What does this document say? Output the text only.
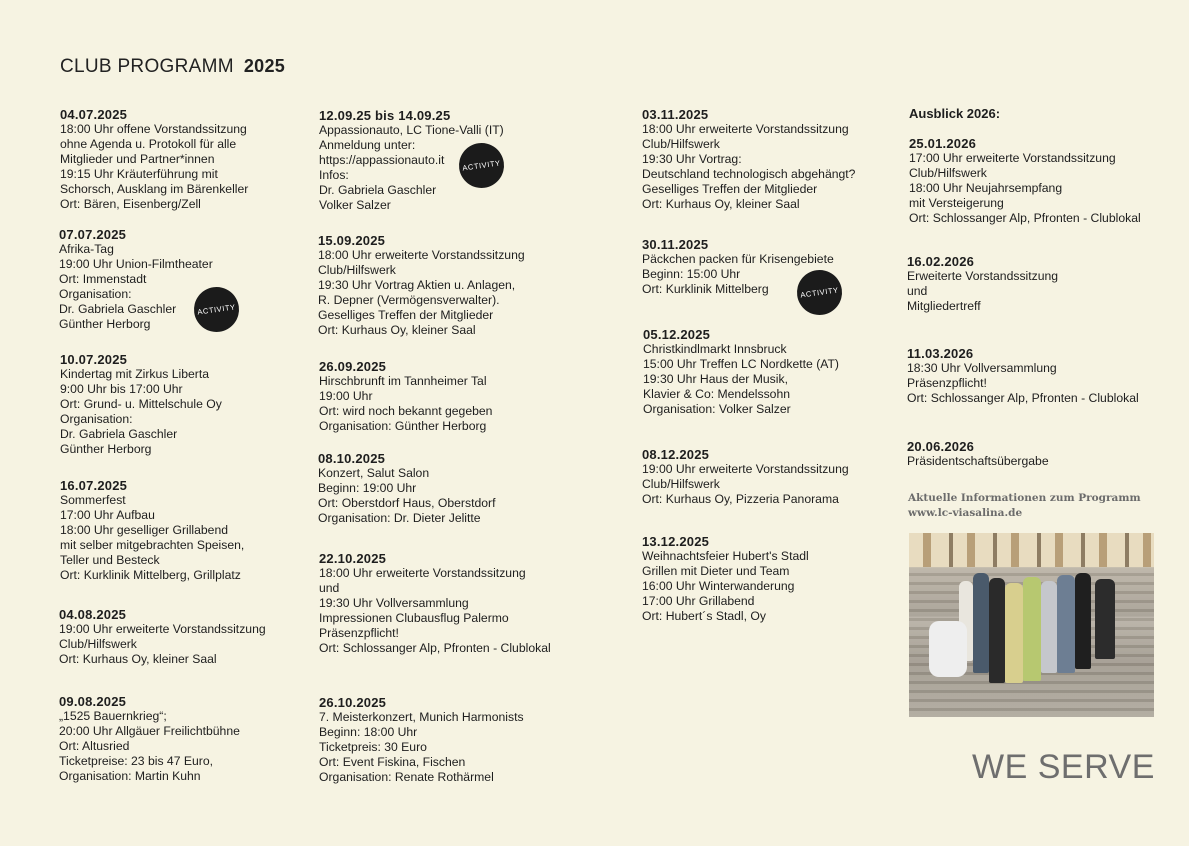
CLUB PROGRAMM 2025
Ausblick 2026:
04.07.2025
18:00 Uhr offene Vorstandssitzung
ohne Agenda u. Protokoll für alle
Mitglieder und Partner*innen
19:15 Uhr Kräuterführung mit
Schorsch, Ausklang im Bärenkeller
Ort: Bären, Eisenberg/Zell
07.07.2025
Afrika-Tag
19:00 Uhr Union-Filmtheater
Ort: Immenstadt
Organisation:
Dr. Gabriela Gaschler
Günther Herborg
10.07.2025
Kindertag mit Zirkus Liberta
9:00 Uhr bis 17:00 Uhr
Ort: Grund- u. Mittelschule Oy
Organisation:
Dr. Gabriela Gaschler
Günther Herborg
16.07.2025
Sommerfest
17:00 Uhr Aufbau
18:00 Uhr geselliger Grillabend
mit selber mitgebrachten Speisen,
Teller und Besteck
Ort: Kurklinik Mittelberg, Grillplatz
04.08.2025
19:00 Uhr erweiterte Vorstandssitzung
Club/Hilfswerk
Ort: Kurhaus Oy, kleiner Saal
09.08.2025
„1525 Bauernkrieg“;
20:00 Uhr Allgäuer Freilichtbühne
Ort: Altusried
Ticketpreise: 23 bis 47 Euro,
Organisation: Martin Kuhn
12.09.25 bis 14.09.25
Appassionauto, LC Tione-Valli (IT)
Anmeldung unter:
https://appassionauto.it
Infos:
Dr. Gabriela Gaschler
Volker Salzer
15.09.2025
18:00 Uhr erweiterte Vorstandssitzung
Club/Hilfswerk
19:30 Uhr Vortrag Aktien u. Anlagen,
R. Depner (Vermögensverwalter).
Geselliges Treffen der Mitglieder
Ort: Kurhaus Oy, kleiner Saal
26.09.2025
Hirschbrunft im Tannheimer Tal
19:00 Uhr
Ort: wird noch bekannt gegeben
Organisation: Günther Herborg
08.10.2025
Konzert, Salut Salon
Beginn: 19:00 Uhr
Ort: Oberstdorf Haus, Oberstdorf
Organisation: Dr. Dieter Jelitte
22.10.2025
18:00 Uhr erweiterte Vorstandssitzung
und
19:30 Uhr Vollversammlung
Impressionen Clubausflug Palermo
Präsenzpflicht!
Ort: Schlossanger Alp, Pfronten - Clublokal
26.10.2025
7. Meisterkonzert, Munich Harmonists
Beginn: 18:00 Uhr
Ticketpreis: 30 Euro
Ort: Event Fiskina, Fischen
Organisation: Renate Rothärmel
03.11.2025
18:00 Uhr erweiterte Vorstandssitzung
Club/Hilfswerk
19:30 Uhr Vortrag:
Deutschland technologisch abgehängt?
Geselliges Treffen der Mitglieder
Ort: Kurhaus Oy, kleiner Saal
30.11.2025
Päckchen packen für Krisengebiete
Beginn: 15:00 Uhr
Ort: Kurklinik Mittelberg
05.12.2025
Christkindlmarkt Innsbruck
15:00 Uhr Treffen LC Nordkette (AT)
19:30 Uhr Haus der Musik,
Klavier & Co: Mendelssohn
Organisation: Volker Salzer
08.12.2025
19:00 Uhr erweiterte Vorstandssitzung
Club/Hilfswerk
Ort: Kurhaus Oy, Pizzeria Panorama
13.12.2025
Weihnachtsfeier Hubert's Stadl
Grillen mit Dieter und Team
16:00 Uhr Winterwanderung
17:00 Uhr Grillabend
Ort: Hubert´s Stadl, Oy
25.01.2026
17:00 Uhr erweiterte Vorstandssitzung
Club/Hilfswerk
18:00 Uhr Neujahrsempfang
mit Versteigerung
Ort: Schlossanger Alp, Pfronten - Clublokal
16.02.2026
Erweiterte Vorstandssitzung
und
Mitgliedertreff
11.03.2026
18:30 Uhr Vollversammlung
Präsenzpflicht!
Ort: Schlossanger Alp, Pfronten - Clublokal
20.06.2026
Präsidentschaftsübergabe
ACTIVITY
ACTIVITY
ACTIVITY
Aktuelle Informationen zum Programm
www.lc-viasalina.de
WE SERVE
